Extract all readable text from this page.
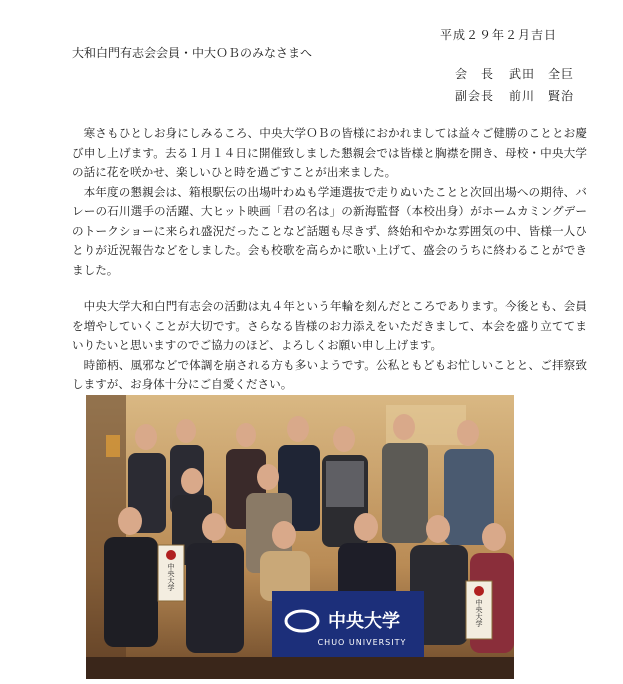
平成２９年２月吉日
大和白門有志会会員・中大ＯＢのみなさまへ
会　長 武田　全巨
副会長 前川　賢治

寒さもひとしお身にしみるころ、中央大学ＯＢの皆様におかれましては益々ご健勝のこととお慶び申し上げます。去る１月１４日に開催致しました懇親会では皆様と胸襟を開き、母校・中央大学の話に花を咲かせ、楽しいひと時を過ごすことが出来ました。

本年度の懇親会は、箱根駅伝の出場叶わぬも学連選抜で走りぬいたことと次回出場への期待、バレーの石川選手の活躍、大ヒット映画「君の名は」の新海監督（本校出身）がホームカミングデーのトークショーに来られ盛況だったことなど話題も尽きず、終始和やかな雰囲気の中、皆様一人ひとりが近況報告などをしました。会も校歌を高らかに歌い上げて、盛会のうちに終わることができました。

中央大学大和白門有志会の活動は丸４年という年輪を刻んだところであります。今後とも、会員を増やしていくことが大切です。さらなる皆様のお力添えをいただきまして、本会を盛り立ててまいりたいと思いますのでご協力のほど、よろしくお願い申し上げます。

時節柄、風邪などで体調を崩される方も多いようです。公私ともどもお忙しいことと、ご拝察致しますが、お身体十分にご自愛ください。

中央大学
中央大学
中央大学
CHUO UNIVERSITY
